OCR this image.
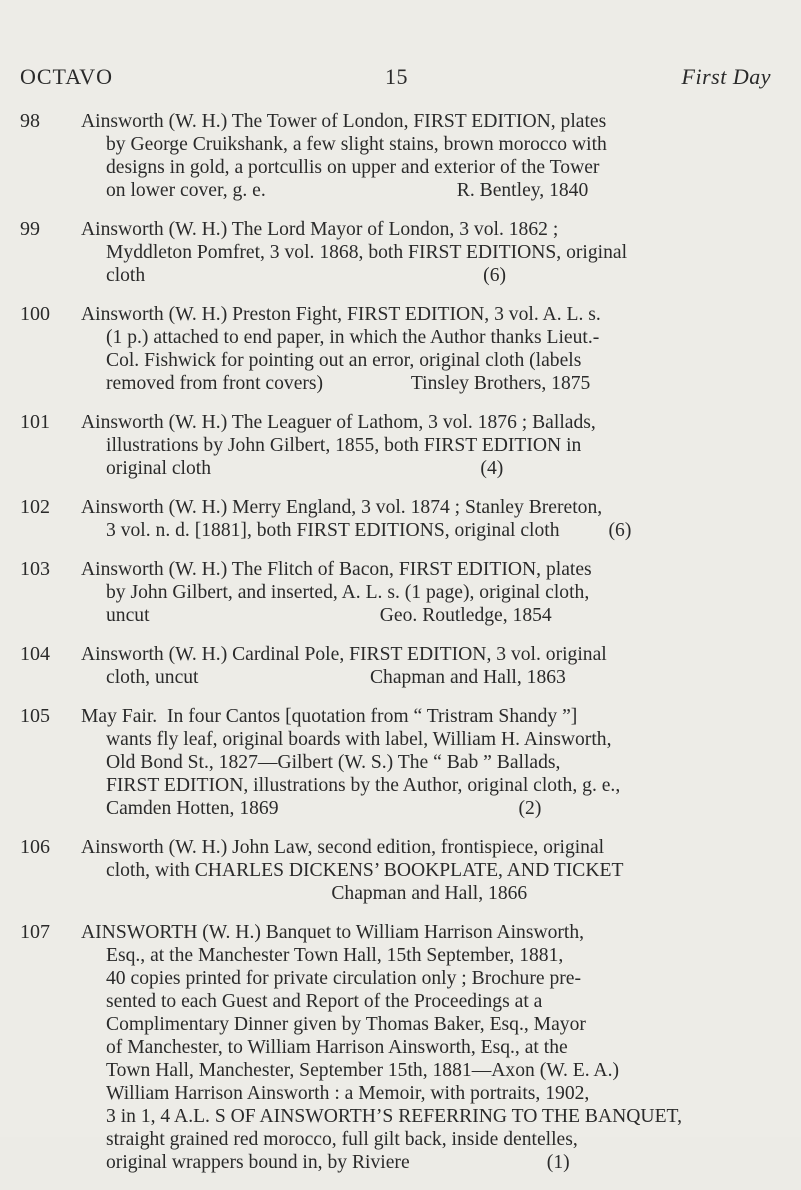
OCTAVO	15	First Day
98	Ainsworth (W. H.) The Tower of London, FIRST EDITION, plates
by George Cruikshank, a few slight stains, brown morocco with
designs in gold, a portcullis on upper and exterior of the Tower
on lower cover, g. e.                                       R. Bentley, 1840
99	Ainsworth (W. H.) The Lord Mayor of London, 3 vol. 1862 ;
Myddleton Pomfret, 3 vol. 1868, both FIRST EDITIONS, original
cloth                                                                     (6)
100	Ainsworth (W. H.) Preston Fight, FIRST EDITION, 3 vol. A. L. s.
(1 p.) attached to end paper, in which the Author thanks Lieut.-
Col. Fishwick for pointing out an error, original cloth (labels
removed from front covers)                  Tinsley Brothers, 1875
101	Ainsworth (W. H.) The Leaguer of Lathom, 3 vol. 1876 ; Ballads,
illustrations by John Gilbert, 1855, both FIRST EDITION in
original cloth                                                       (4)
102	Ainsworth (W. H.) Merry England, 3 vol. 1874 ; Stanley Brereton,
3 vol. n. d. [1881], both FIRST EDITIONS, original cloth          (6)
103	Ainsworth (W. H.) The Flitch of Bacon, FIRST EDITION, plates
by John Gilbert, and inserted, A. L. s. (1 page), original cloth,
uncut                                               Geo. Routledge, 1854
104	Ainsworth (W. H.) Cardinal Pole, FIRST EDITION, 3 vol. original
cloth, uncut                                   Chapman and Hall, 1863
105	May Fair.  In four Cantos [quotation from “ Tristram Shandy ”]
wants fly leaf, original boards with label, William H. Ainsworth,
Old Bond St., 1827—Gilbert (W. S.) The “ Bab ” Ballads,
FIRST EDITION, illustrations by the Author, original cloth, g. e.,
Camden Hotten, 1869                                                 (2)
106	Ainsworth (W. H.) John Law, second edition, frontispiece, original
cloth, with CHARLES DICKENS’ BOOKPLATE, AND TICKET
Chapman and Hall, 1866
107	AINSWORTH (W. H.) Banquet to William Harrison Ainsworth,
Esq., at the Manchester Town Hall, 15th September, 1881,
40 copies printed for private circulation only ; Brochure pre-
sented to each Guest and Report of the Proceedings at a
Complimentary Dinner given by Thomas Baker, Esq., Mayor
of Manchester, to William Harrison Ainsworth, Esq., at the
Town Hall, Manchester, September 15th, 1881—Axon (W. E. A.)
William Harrison Ainsworth : a Memoir, with portraits, 1902,
3 in 1, 4 A.L. S OF AINSWORTH’S REFERRING TO THE BANQUET,
straight grained red morocco, full gilt back, inside dentelles,
original wrappers bound in, by Riviere                            (1)
